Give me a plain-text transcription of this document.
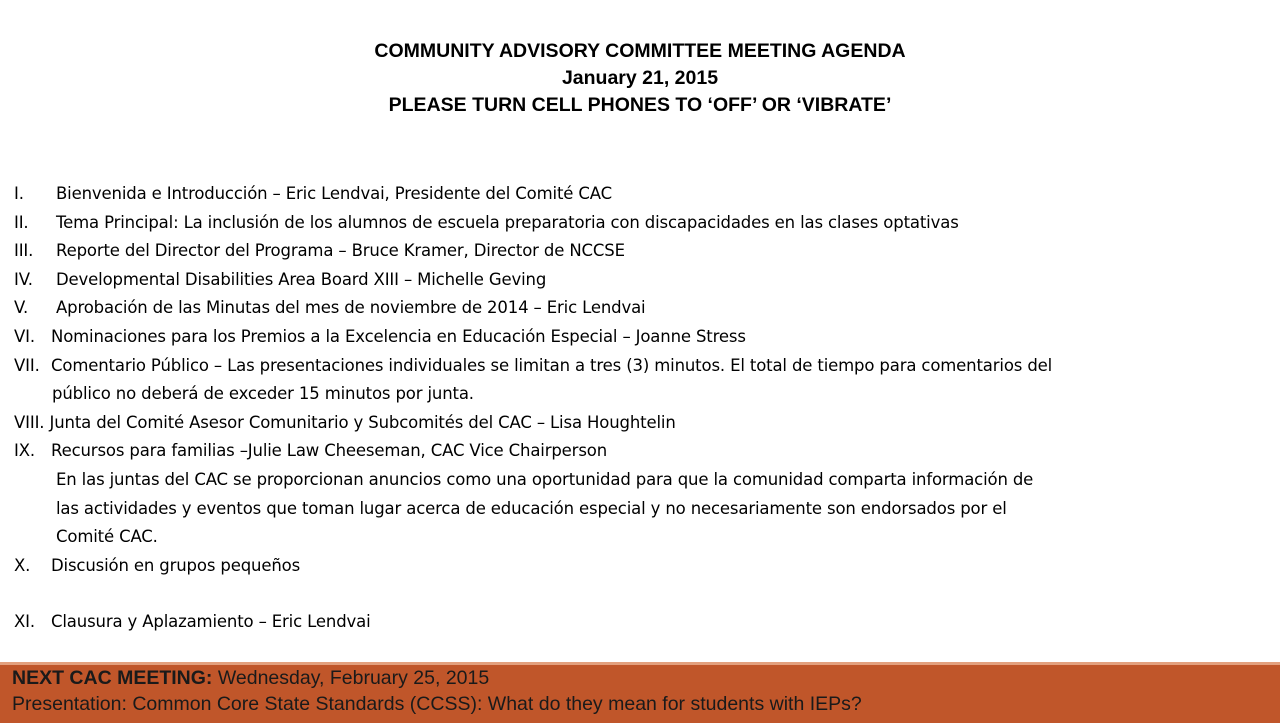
COMMUNITY ADVISORY COMMITTEE MEETING AGENDA
January 21, 2015
PLEASE TURN CELL PHONES TO ‘OFF’ OR ‘VIBRATE’
I. Bienvenida e Introducción – Eric Lendvai, Presidente del Comité CAC
II. Tema Principal: La inclusión de los alumnos de escuela preparatoria con discapacidades en las clases optativas
III. Reporte del Director del Programa – Bruce Kramer, Director de NCCSE
IV. Developmental Disabilities Area Board XIII – Michelle Geving
V. Aprobación de las Minutas del mes de noviembre de 2014 – Eric Lendvai
VI. Nominaciones para los Premios a la Excelencia en Educación Especial – Joanne Stress
VII. Comentario Público – Las presentaciones individuales se limitan a tres (3) minutos. El total de tiempo para comentarios del
público no deberá de exceder 15 minutos por junta.
VIII. Junta del Comité Asesor Comunitario y Subcomités del CAC – Lisa Houghtelin
IX. Recursos para familias –Julie Law Cheeseman, CAC Vice Chairperson
En las juntas del CAC se proporcionan anuncios como una oportunidad para que la comunidad comparta información de
las actividades y eventos que toman lugar acerca de educación especial y no necesariamente son endorsados por el
Comité CAC.
X. Discusión en grupos pequeños
XI. Clausura y Aplazamiento – Eric Lendvai
NEXT CAC MEETING: Wednesday, February 25, 2015
Presentation: Common Core State Standards (CCSS): What do they mean for students with IEPs?
